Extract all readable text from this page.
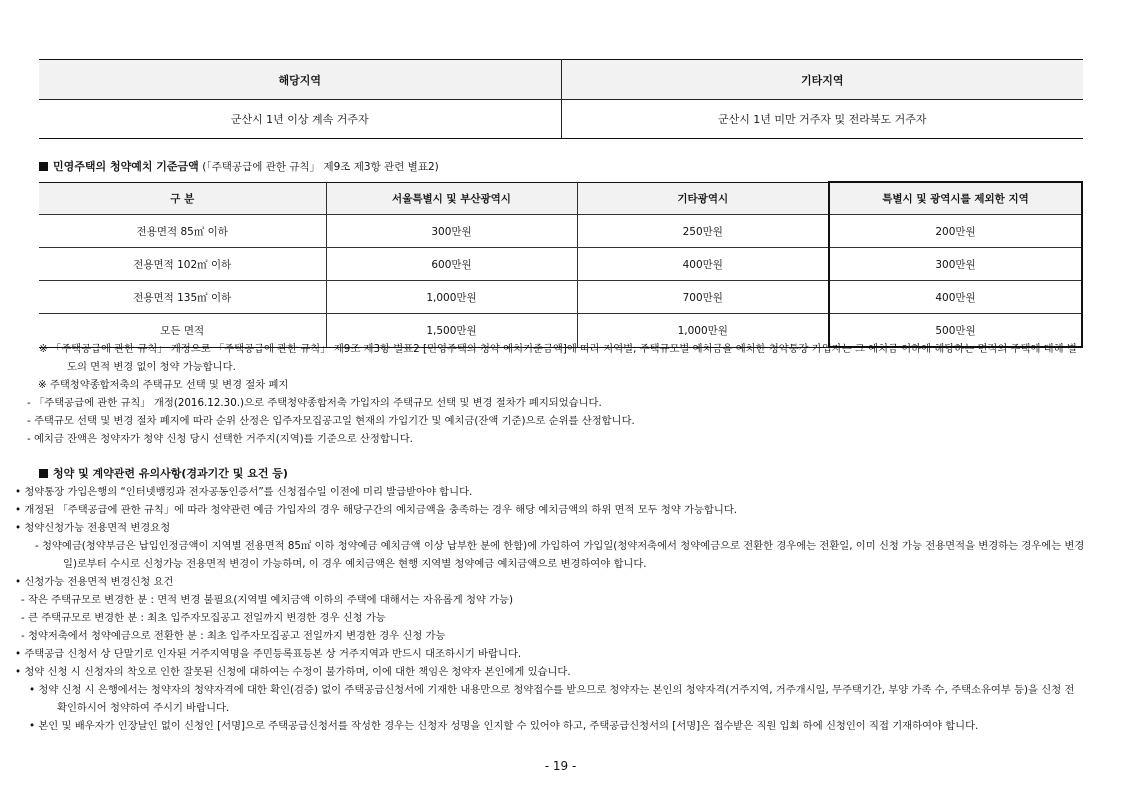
해당지역	기타지역
군산시 1년 이상 계속 거주자	군산시 1년 미만 거주자 및 전라북도 거주자
민영주택의 청약예치 기준금액 (「주택공급에 관한 규칙」 제9조 제3항 관련 별표2)
구 분	서울특별시 및 부산광역시	기타광역시	특별시 및 광역시를 제외한 지역
전용면적 85㎡ 이하	300만원	250만원	200만원
전용면적 102㎡ 이하	600만원	400만원	300만원
전용면적 135㎡ 이하	1,000만원	700만원	400만원
모든 면적	1,500만원	1,000만원	500만원

※ 「주택공급에 관한 규칙」 개정으로 「주택공급에 관한 규칙」 제9조 제3항 별표2 [민영주택의 청약 예치기준금액]에 따라 지역별, 주택규모별 예치금을 예치한 청약통장 가입자는 그 예치금 이하에 해당하는 면적의 주택에 대해 별도의 면적 변경 없이 청약 가능합니다.

※ 주택청약종합저축의 주택규모 선택 및 변경 절차 폐지

- 「주택공급에 관한 규칙」 개정(2016.12.30.)으로 주택청약종합저축 가입자의 주택규모 선택 및 변경 절차가 폐지되었습니다.

- 주택규모 선택 및 변경 절차 폐지에 따라 순위 산정은 입주자모집공고일 현재의 가입기간 및 예치금(잔액 기준)으로 순위를 산정합니다.

- 예치금 잔액은 청약자가 청약 신청 당시 선택한 거주지(지역)를 기준으로 산정합니다.

청약 및 계약관련 유의사항(경과기간 및 요건 등)

• 청약통장 가입은행의 “인터넷뱅킹과 전자공동인증서”를 신청접수일 이전에 미리 발급받아야 합니다.

• 개정된 「주택공급에 관한 규칙」에 따라 청약관련 예금 가입자의 경우 해당구간의 예치금액을 충족하는 경우 해당 예치금액의 하위 면적 모두 청약 가능합니다.

• 청약신청가능 전용면적 변경요청

- 청약예금(청약부금은 납입인정금액이 지역별 전용면적 85㎡ 이하 청약예금 예치금액 이상 납부한 분에 한함)에 가입하여 가입일(청약저축에서 청약예금으로 전환한 경우에는 전환일, 이미 신청 가능 전용면적을 변경하는 경우에는 변경일)로부터 수시로 신청가능 전용면적 변경이 가능하며, 이 경우 예치금액은 현행 지역별 청약예금 예치금액으로 변경하여야 합니다.

• 신청가능 전용면적 변경신청 요건

- 작은 주택규모로 변경한 분 : 면적 변경 불필요(지역별 예치금액 이하의 주택에 대해서는 자유롭게 청약 가능)

- 큰 주택규모로 변경한 분 : 최초 입주자모집공고 전일까지 변경한 경우 신청 가능

- 청약저축에서 청약예금으로 전환한 분 : 최초 입주자모집공고 전일까지 변경한 경우 신청 가능

• 주택공급 신청서 상 단말기로 인자된 거주지역명을 주민등록표등본 상 거주지역과 반드시 대조하시기 바랍니다.

• 청약 신청 시 신청자의 착오로 인한 잘못된 신청에 대하여는 수정이 불가하며, 이에 대한 책임은 청약자 본인에게 있습니다.

• 청약 신청 시 은행에서는 청약자의 청약자격에 대한 확인(검증) 없이 주택공급신청서에 기재한 내용만으로 청약접수를 받으므로 청약자는 본인의 청약자격(거주지역, 거주개시일, 무주택기간, 부양 가족 수, 주택소유여부 등)을 신청 전 확인하시어 청약하여 주시기 바랍니다.

• 본인 및 배우자가 인장날인 없이 신청인 [서명]으로 주택공급신청서를 작성한 경우는 신청자 성명을 인지할 수 있어야 하고, 주택공급신청서의 [서명]은 접수받은 직원 입회 하에 신청인이 직접 기재하여야 합니다.

- 19 -
